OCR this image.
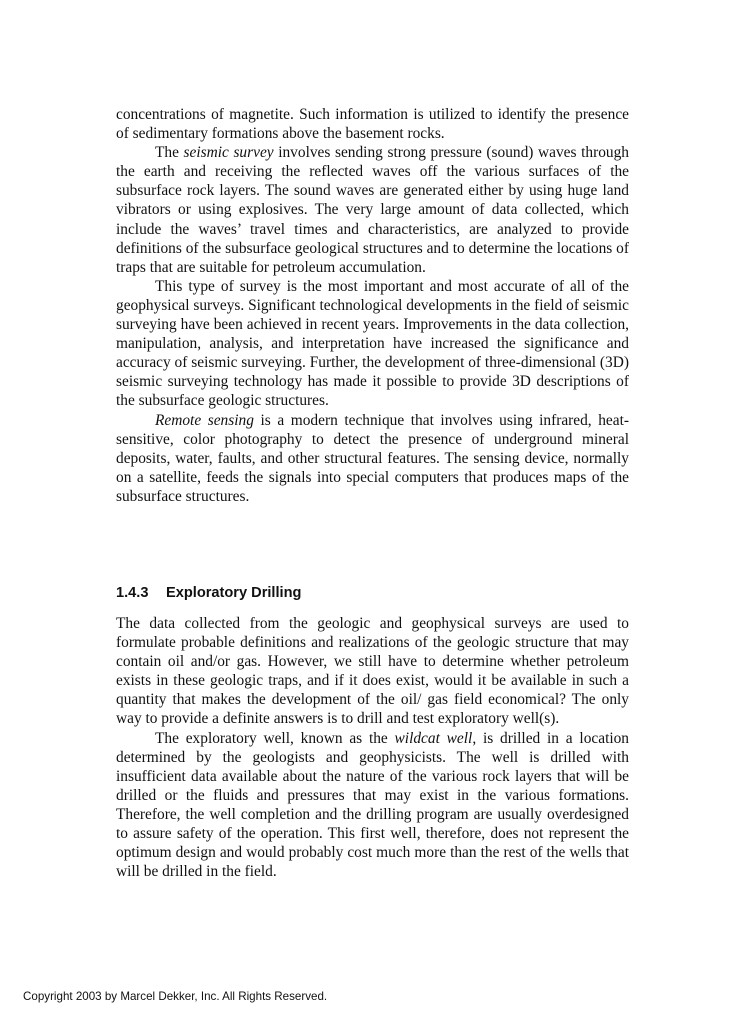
concentrations of magnetite. Such information is utilized to identify the presence of sedimentary formations above the basement rocks.

The seismic survey involves sending strong pressure (sound) waves through the earth and receiving the reflected waves off the various surfaces of the subsurface rock layers. The sound waves are generated either by using huge land vibrators or using explosives. The very large amount of data collected, which include the waves’ travel times and characteristics, are analyzed to provide definitions of the subsurface geological structures and to determine the locations of traps that are suitable for petroleum accumulation.

This type of survey is the most important and most accurate of all of the geophysical surveys. Significant technological developments in the field of seismic surveying have been achieved in recent years. Improvements in the data collection, manipulation, analysis, and interpretation have increased the significance and accuracy of seismic surveying. Further, the development of three-dimensional (3D) seismic surveying technology has made it possible to provide 3D descriptions of the subsurface geologic structures.

Remote sensing is a modern technique that involves using infrared, heat-sensitive, color photography to detect the presence of underground mineral deposits, water, faults, and other structural features. The sensing device, normally on a satellite, feeds the signals into special computers that produces maps of the subsurface structures.

1.4.3 Exploratory Drilling

The data collected from the geologic and geophysical surveys are used to formulate probable definitions and realizations of the geologic structure that may contain oil and/or gas. However, we still have to determine whether petroleum exists in these geologic traps, and if it does exist, would it be available in such a quantity that makes the development of the oil/ gas field economical? The only way to provide a definite answers is to drill and test exploratory well(s).

The exploratory well, known as the wildcat well, is drilled in a location determined by the geologists and geophysicists. The well is drilled with insufficient data available about the nature of the various rock layers that will be drilled or the fluids and pressures that may exist in the various formations. Therefore, the well completion and the drilling program are usually overdesigned to assure safety of the operation. This first well, therefore, does not represent the optimum design and would probably cost much more than the rest of the wells that will be drilled in the field.

Copyright 2003 by Marcel Dekker, Inc. All Rights Reserved.
